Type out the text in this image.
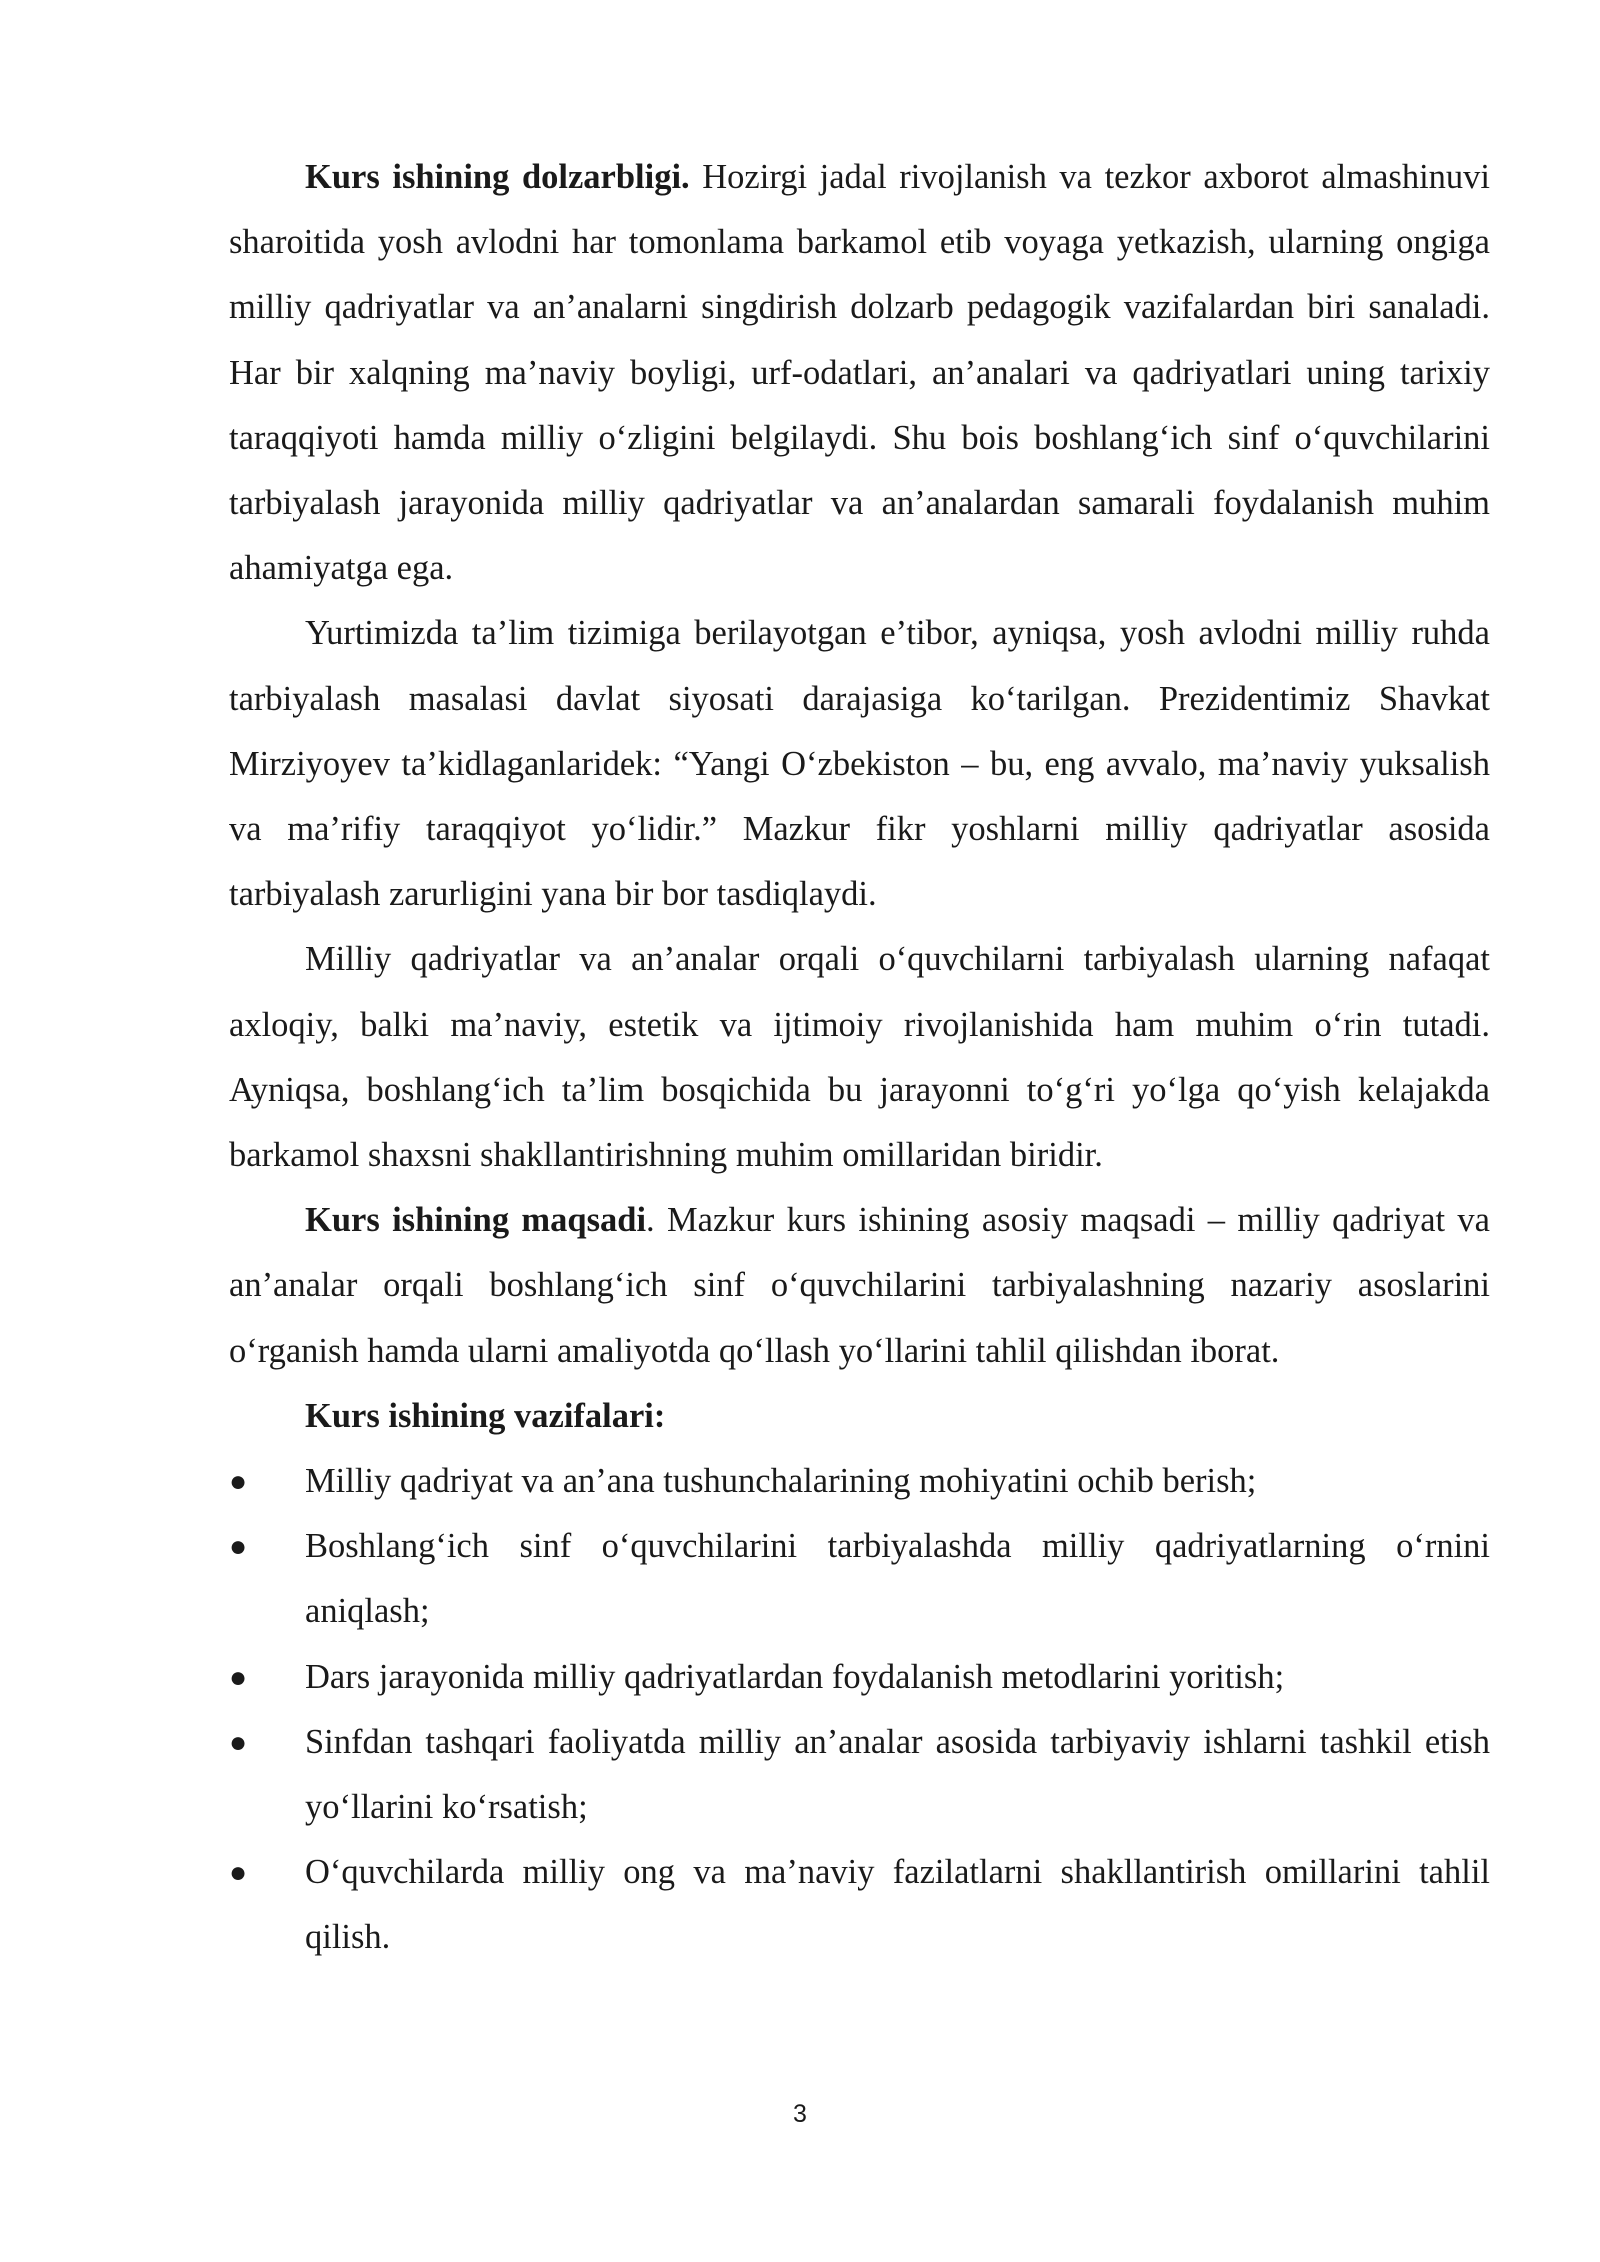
Kurs ishining dolzarbligi. Hozirgi jadal rivojlanish va tezkor axborot almashinuvi sharoitida yosh avlodni har tomonlama barkamol etib voyaga yetkazish, ularning ongiga milliy qadriyatlar va an’analarni singdirish dolzarb pedagogik vazifalardan biri sanaladi. Har bir xalqning ma’naviy boyligi, urf-odatlari, an’analari va qadriyatlari uning tarixiy taraqqiyoti hamda milliy o‘zligini belgilaydi. Shu bois boshlang‘ich sinf o‘quvchilarini tarbiyalash jarayonida milliy qadriyatlar va an’analardan samarali foydalanish muhim ahamiyatga ega.

Yurtimizda ta’lim tizimiga berilayotgan e’tibor, ayniqsa, yosh avlodni milliy ruhda tarbiyalash masalasi davlat siyosati darajasiga ko‘tarilgan. Prezidentimiz Shavkat Mirziyoyev ta’kidlaganlaridek: “Yangi O‘zbekiston – bu, eng avvalo, ma’naviy yuksalish va ma’rifiy taraqqiyot yo‘lidir.” Mazkur fikr yoshlarni milliy qadriyatlar asosida tarbiyalash zarurligini yana bir bor tasdiqlaydi.

Milliy qadriyatlar va an’analar orqali o‘quvchilarni tarbiyalash ularning nafaqat axloqiy, balki ma’naviy, estetik va ijtimoiy rivojlanishida ham muhim o‘rin tutadi. Ayniqsa, boshlang‘ich ta’lim bosqichida bu jarayonni to‘g‘ri yo‘lga qo‘yish kelajakda barkamol shaxsni shakllantirishning muhim omillaridan biridir.

Kurs ishining maqsadi. Mazkur kurs ishining asosiy maqsadi – milliy qadriyat va an’analar orqali boshlang‘ich sinf o‘quvchilarini tarbiyalashning nazariy asoslarini o‘rganish hamda ularni amaliyotda qo‘llash yo‘llarini tahlil qilishdan iborat.

Kurs ishining vazifalari:

● Milliy qadriyat va an’ana tushunchalarining mohiyatini ochib berish;
● Boshlang‘ich sinf o‘quvchilarini tarbiyalashda milliy qadriyatlarning o‘rnini aniqlash;
● Dars jarayonida milliy qadriyatlardan foydalanish metodlarini yoritish;
● Sinfdan tashqari faoliyatda milliy an’analar asosida tarbiyaviy ishlarni tashkil etish yo‘llarini ko‘rsatish;
● O‘quvchilarda milliy ong va ma’naviy fazilatlarni shakllantirish omillarini tahlil qilish.
3
